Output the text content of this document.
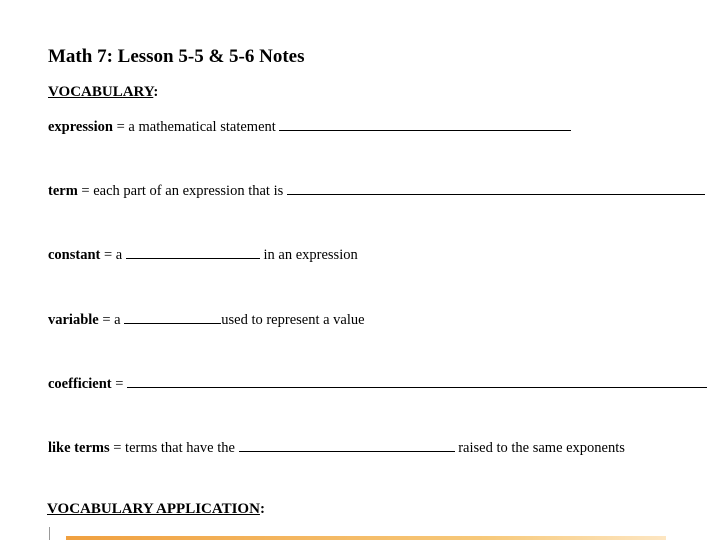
Math 7: Lesson 5-5 & 5-6 Notes
VOCABULARY:
expression = a mathematical statement
term = each part of an expression that is
constant = a	in an expression
variable = a	used to represent a value
coefficient =
like terms = terms that have the	raised to the same exponents
VOCABULARY APPLICATION:
